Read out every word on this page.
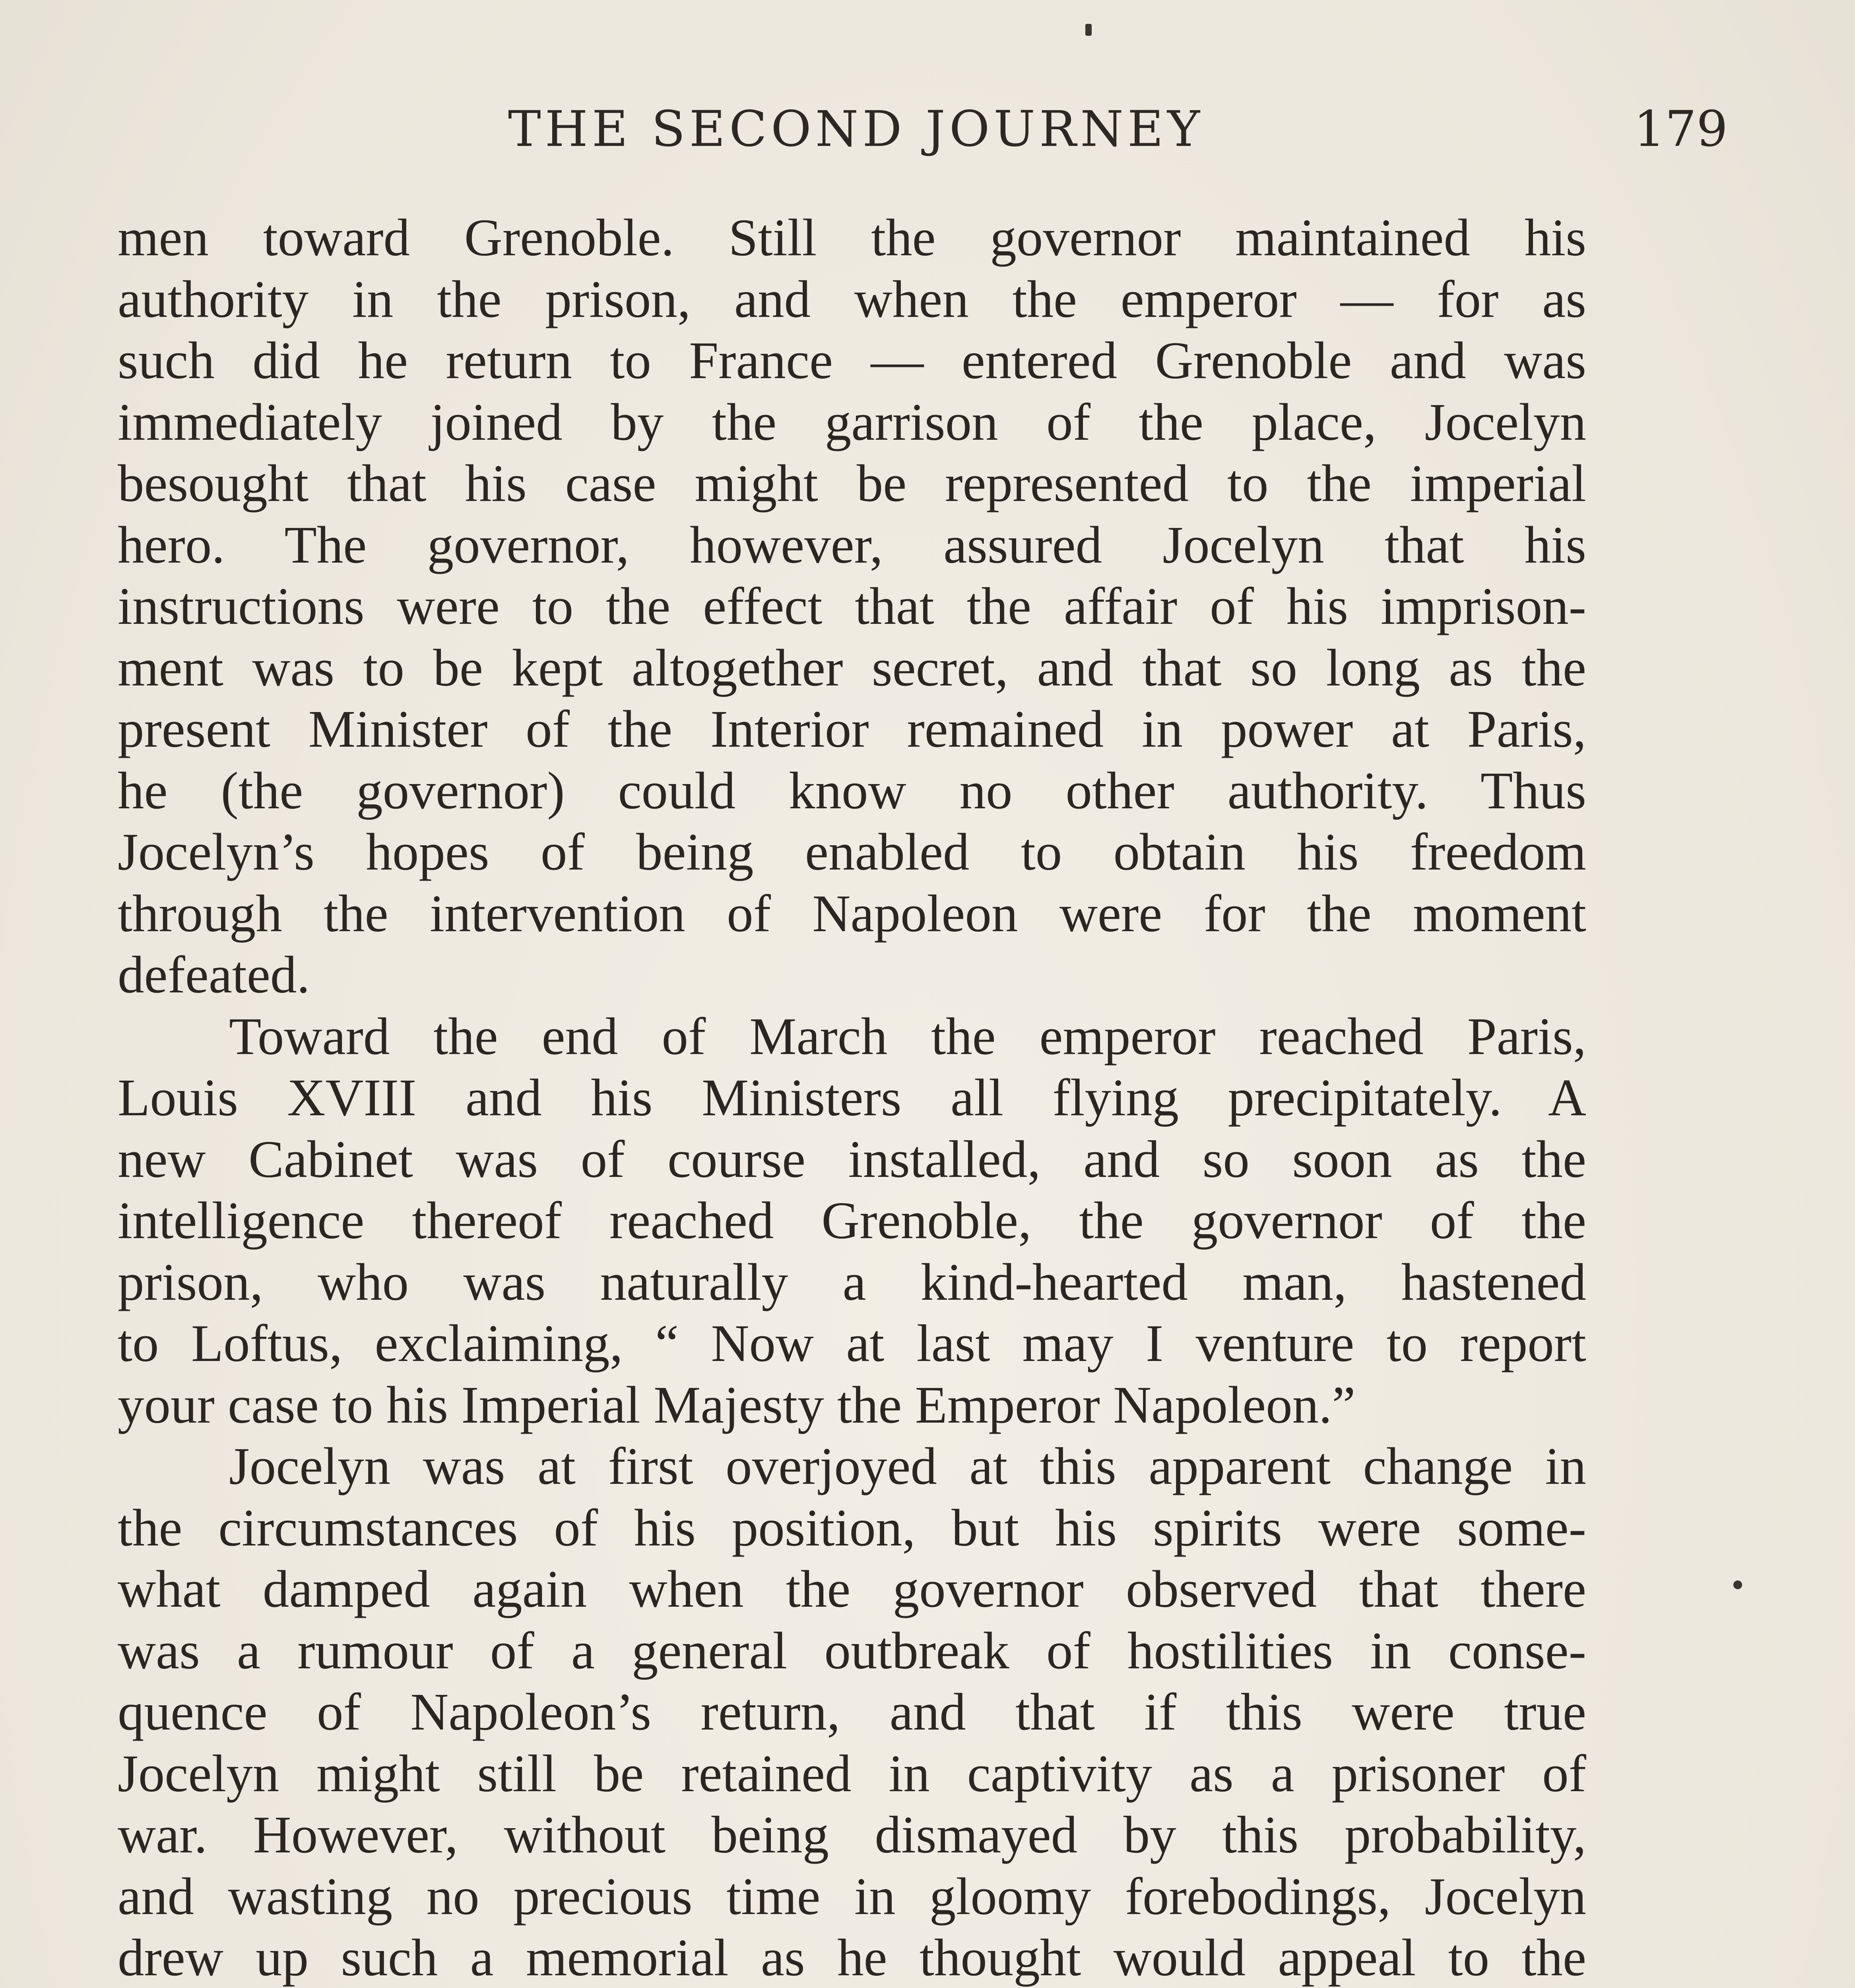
THE SECOND JOURNEY	179
men toward Grenoble. Still the governor maintained his
authority in the prison, and when the emperor — for as
such did he return to France — entered Grenoble and was
immediately joined by the garrison of the place, Jocelyn
besought that his case might be represented to the imperial
hero. The governor, however, assured Jocelyn that his
instructions were to the effect that the affair of his imprison-
ment was to be kept altogether secret, and that so long as the
present Minister of the Interior remained in power at Paris,
he (the governor) could know no other authority. Thus
Jocelyn’s hopes of being enabled to obtain his freedom
through the intervention of Napoleon were for the moment
defeated.
Toward the end of March the emperor reached Paris,
Louis XVIII and his Ministers all flying precipitately. A
new Cabinet was of course installed, and so soon as the
intelligence thereof reached Grenoble, the governor of the
prison, who was naturally a kind-hearted man, hastened
to Loftus, exclaiming, “ Now at last may I venture to report
your case to his Imperial Majesty the Emperor Napoleon.”
Jocelyn was at first overjoyed at this apparent change in
the circumstances of his position, but his spirits were some-
what damped again when the governor observed that there
was a rumour of a general outbreak of hostilities in conse-
quence of Napoleon’s return, and that if this were true
Jocelyn might still be retained in captivity as a prisoner of
war. However, without being dismayed by this probability,
and wasting no precious time in gloomy forebodings, Jocelyn
drew up such a memorial as he thought would appeal to the
